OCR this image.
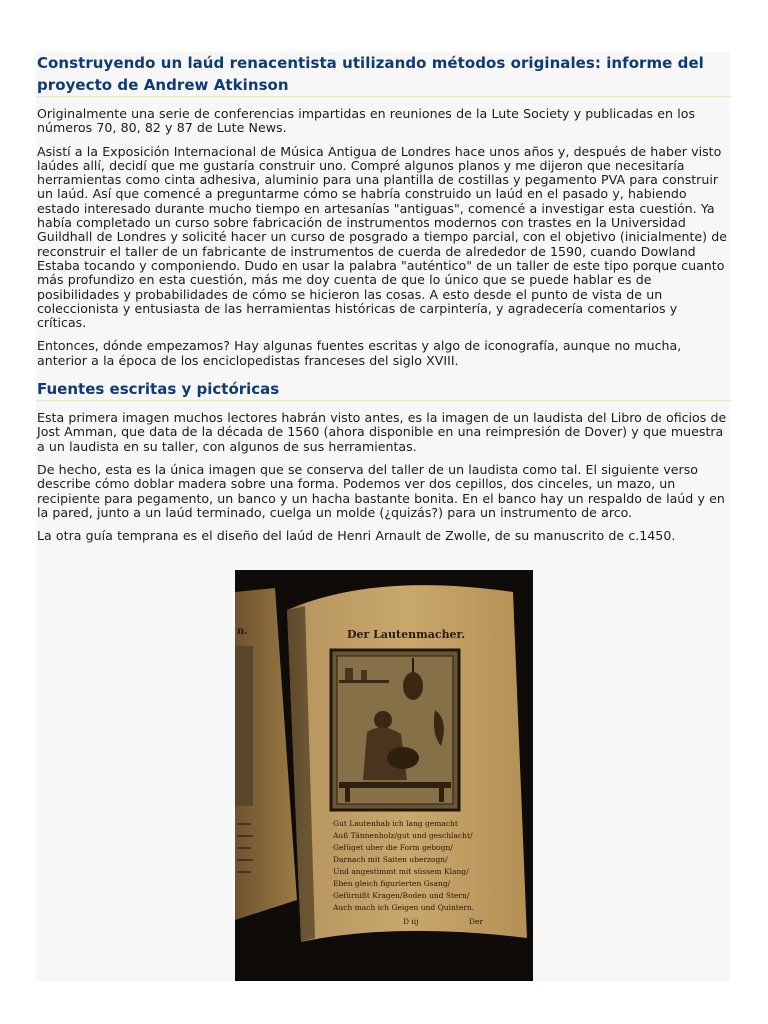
Construyendo un laúd renacentista utilizando métodos originales: informe del proyecto de Andrew Atkinson

Originalmente una serie de conferencias impartidas en reuniones de la Lute Society y publicadas en los números 70, 80, 82 y 87 de Lute News.

Asistí a la Exposición Internacional de Música Antigua de Londres hace unos años y, después de haber visto laúdes allí, decidí que me gustaría construir uno. Compré algunos planos y me dijeron que necesitaría herramientas como cinta adhesiva, aluminio para una plantilla de costillas y pegamento PVA para construir un laúd. Así que comencé a preguntarme cómo se habría construido un laúd en el pasado y, habiendo estado interesado durante mucho tiempo en artesanías "antiguas", comencé a investigar esta cuestión. Ya había completado un curso sobre fabricación de instrumentos modernos con trastes en la Universidad Guildhall de Londres y solicité hacer un curso de posgrado a tiempo parcial, con el objetivo (inicialmente) de reconstruir el taller de un fabricante de instrumentos de cuerda de alrededor de 1590, cuando Dowland Estaba tocando y componiendo. Dudo en usar la palabra "auténtico" de un taller de este tipo porque cuanto más profundizo en esta cuestión, más me doy cuenta de que lo único que se puede hablar es de posibilidades y probabilidades de cómo se hicieron las cosas. A esto desde el punto de vista de un coleccionista y entusiasta de las herramientas históricas de carpintería, y agradecería comentarios y críticas.

Entonces, dónde empezamos? Hay algunas fuentes escritas y algo de iconografía, aunque no mucha, anterior a la época de los enciclopedistas franceses del siglo XVIII.

Fuentes escritas y pictóricas

Esta primera imagen muchos lectores habrán visto antes, es la imagen de un laudista del Libro de oficios de Jost Amman, que data de la década de 1560 (ahora disponible en una reimpresión de Dover) y que muestra a un laudista en su taller, con algunos de sus herramientas.

De hecho, esta es la única imagen que se conserva del taller de un laudista como tal. El siguiente verso describe cómo doblar madera sobre una forma. Podemos ver dos cepillos, dos cinceles, un mazo, un recipiente para pegamento, un banco y un hacha bastante bonita. En el banco hay un respaldo de laúd y en la pared, junto a un laúd terminado, cuelga un molde (¿quizás?) para un instrumento de arco.

La otra guía temprana es el diseño del laúd de Henri Arnault de Zwolle, de su manuscrito de c.1450.

Der Lautenmacher.
Gut Lautenhab ich lang gemacht
Auß Tännenholz/gut und geschlacht/
Gefüget uber die Form gebogn/
Darnach mit Saiten uberzogn/
Und angestimmt mit süssem Klang/
Eben gleich figurierten Gsang/
Gefürnißt Kragen/Boden und Stern/
Auch mach ich Geigen und Quintern.
D iij	Der
n.
